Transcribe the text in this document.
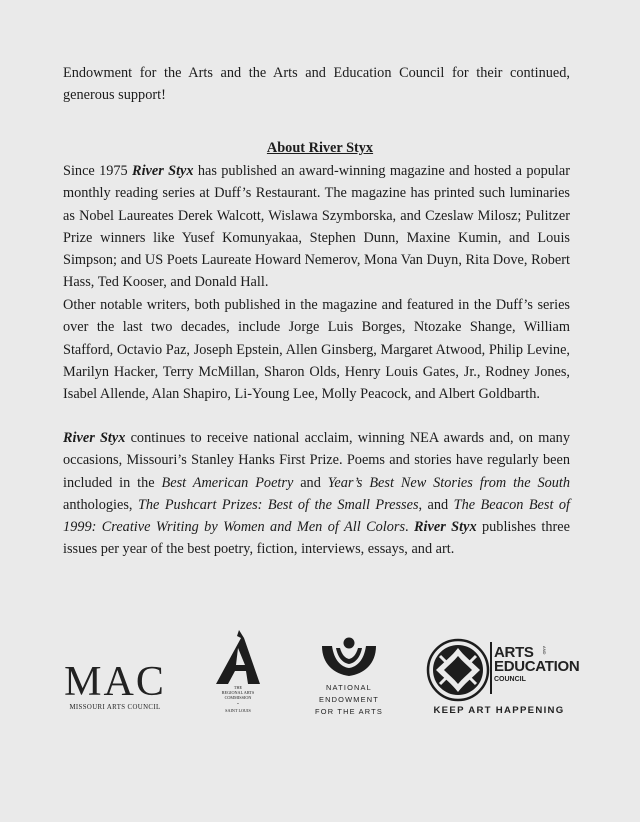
Endowment for the Arts and the Arts and Education Council for their continued, generous support!

About River Styx

Since 1975 River Styx has published an award-winning magazine and hosted a popular monthly reading series at Duff’s Restaurant. The magazine has printed such luminaries as Nobel Laureates Derek Walcott, Wislawa Szymborska, and Czeslaw Milosz; Pulitzer Prize winners like Yusef Komunyakaa, Stephen Dunn, Maxine Kumin, and Louis Simpson; and US Poets Laureate Howard Nemerov, Mona Van Duyn, Rita Dove, Robert Hass, Ted Kooser, and Donald Hall.

Other notable writers, both published in the magazine and featured in the Duff’s series over the last two decades, include Jorge Luis Borges, Ntozake Shange, William Stafford, Octavio Paz, Joseph Epstein, Allen Ginsberg, Margaret Atwood, Philip Levine, Marilyn Hacker, Terry McMillan, Sharon Olds, Henry Louis Gates, Jr., Rodney Jones, Isabel Allende, Alan Shapiro, Li-Young Lee, Molly Peacock, and Albert Goldbarth.

River Styx continues to receive national acclaim, winning NEA awards and, on many occasions, Missouri’s Stanley Hanks First Prize. Poems and stories have regularly been included in the Best American Poetry and Year’s Best New Stories from the South anthologies, The Pushcart Prizes: Best of the Small Presses, and The Beacon Best of 1999: Creative Writing by Women and Men of All Colors. River Styx publishes three issues per year of the best poetry, fiction, interviews, essays, and art.

MAC
MISSOURI ARTS COUNCIL
THE
REGIONAL ARTS
COMMISSION
•
SAINT LOUIS
NATIONAL
ENDOWMENT
FOR THE ARTS
ARTS AND
EDUCATION
COUNCIL
KEEP ART HAPPENING
